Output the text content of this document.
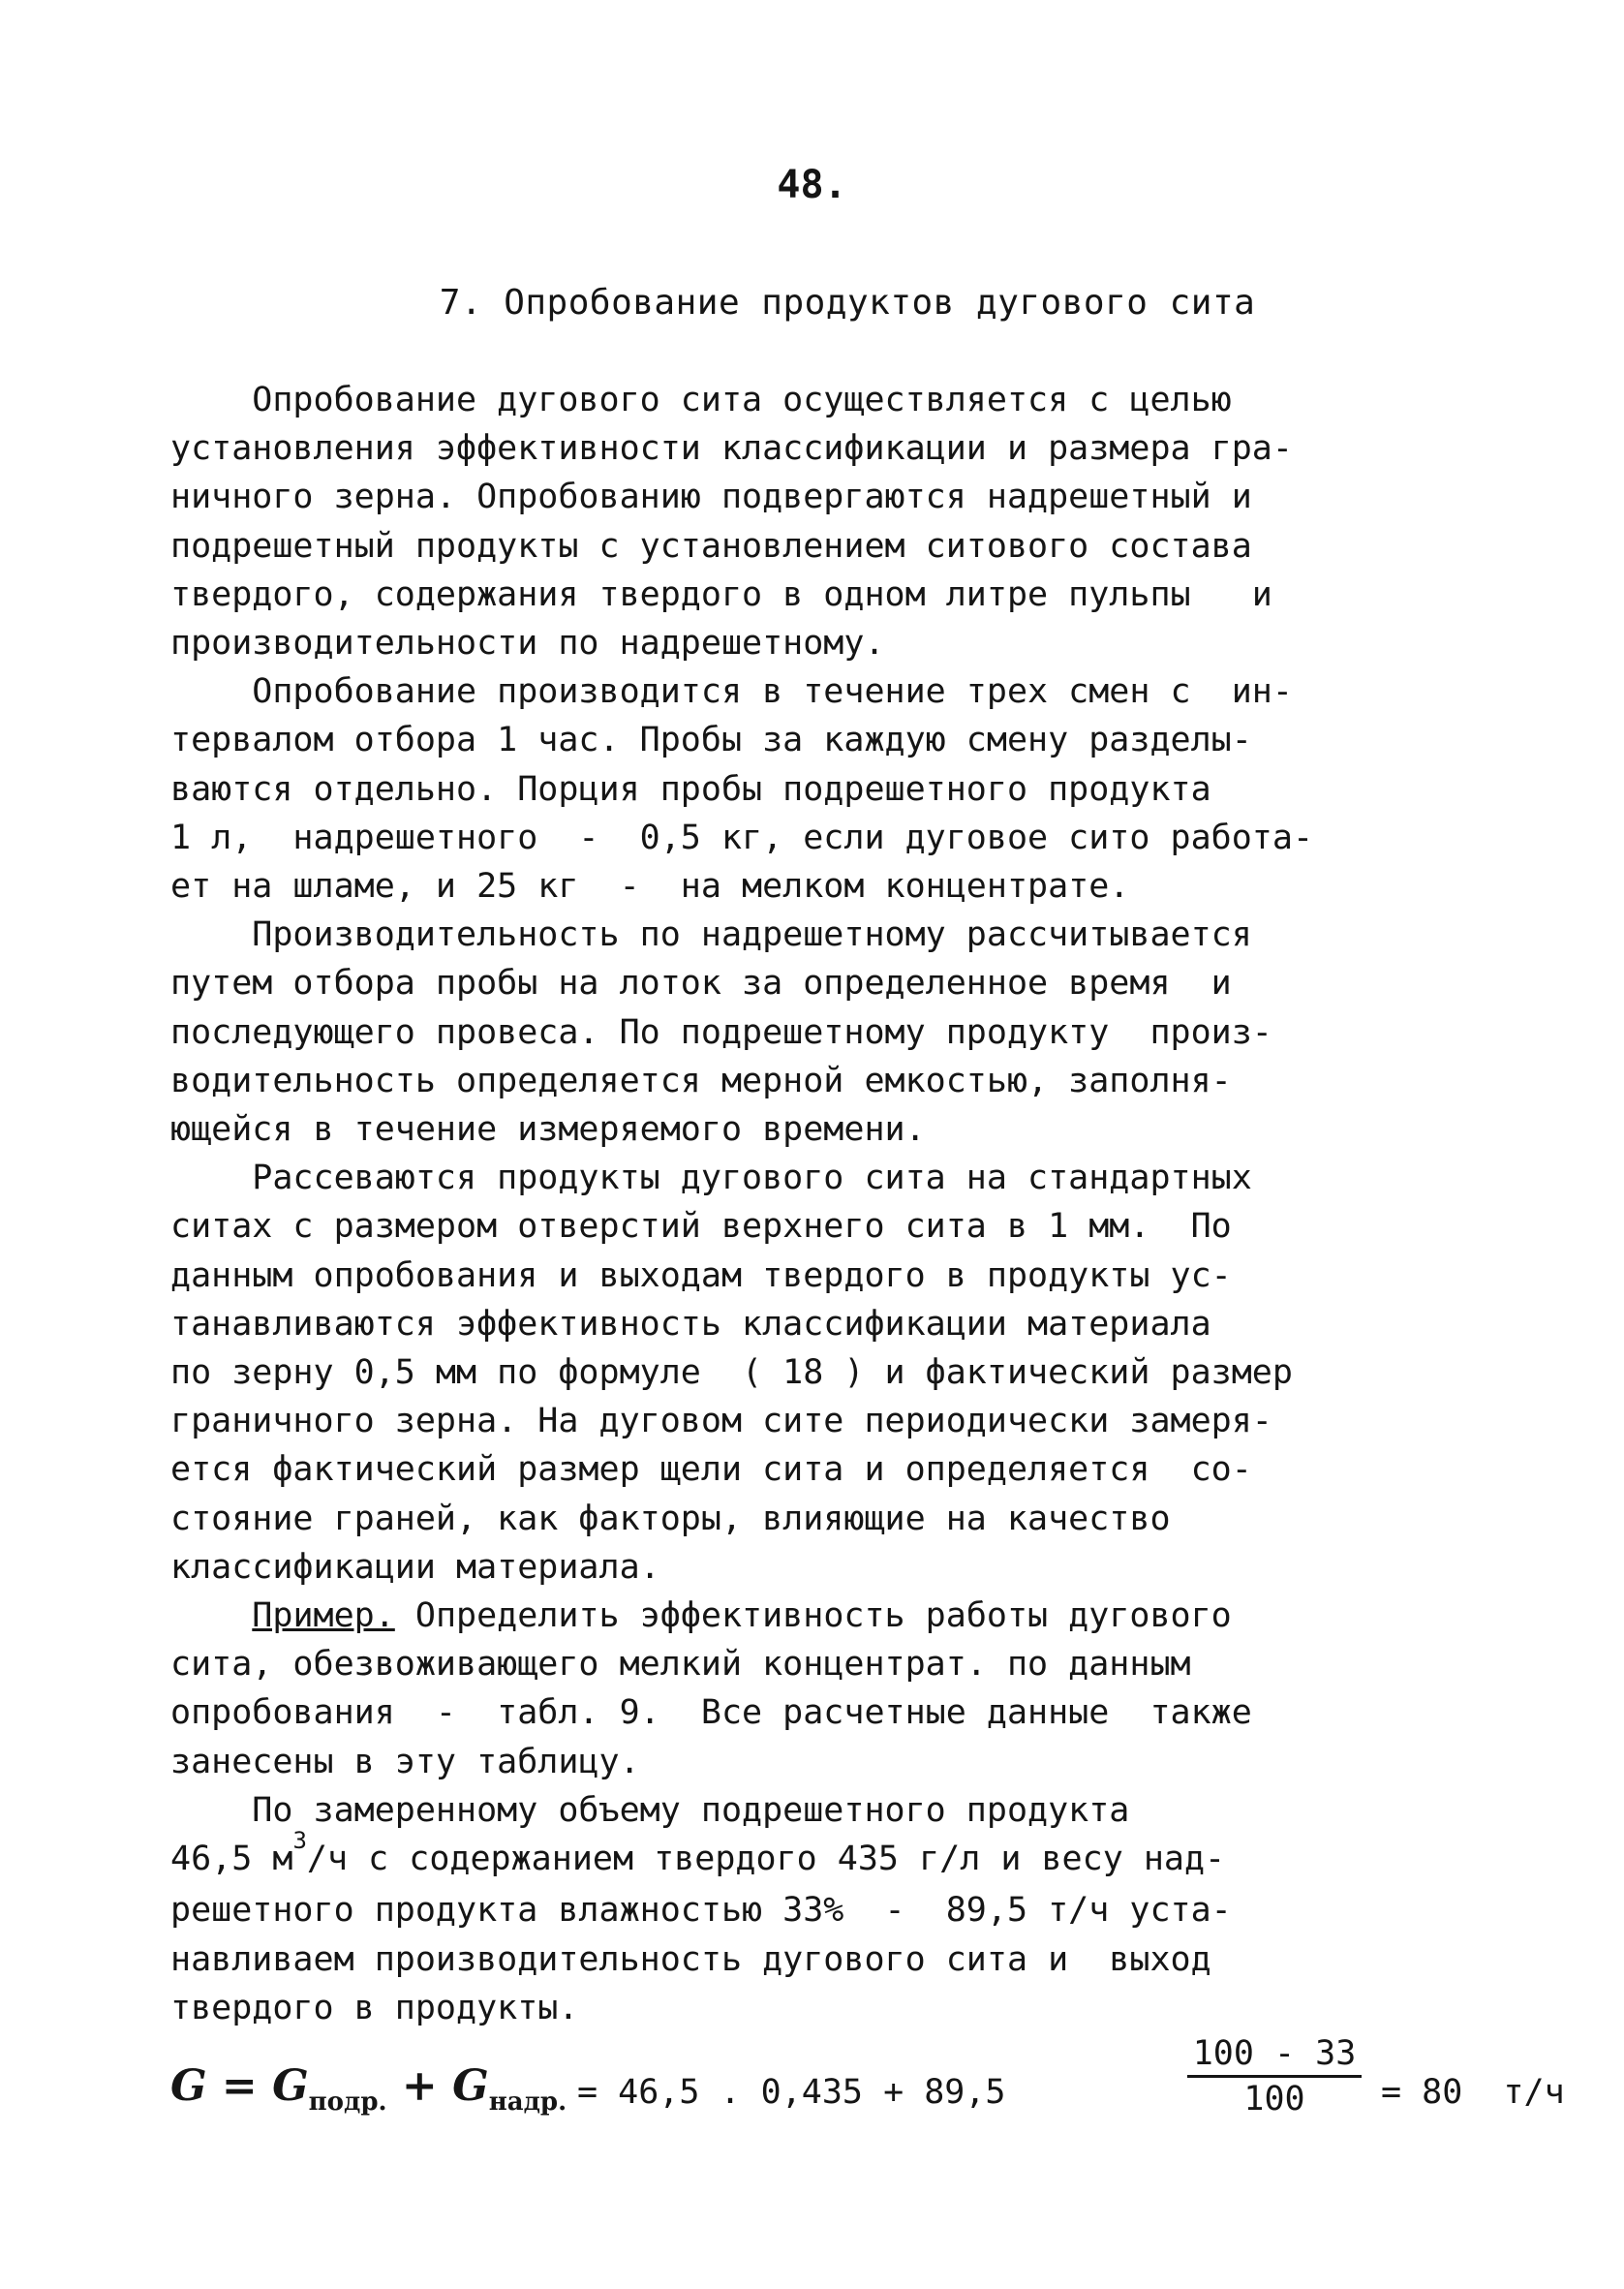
48.
7. Опробование продуктов дугового сита
Опробование дугового сита осуществляется с целью
установления эффективности классификации и размера гра-
ничного зерна. Опробованию подвергаются надрешетный и
подрешетный продукты с установлением ситового состава
твердого, содержания твердого в одном литре пульпы   и
производительности по надрешетному.
Опробование производится в течение трех смен с  ин-
тервалом отбора 1 час. Пробы за каждую смену разделы-
ваются отдельно. Порция пробы подрешетного продукта
1 л,  надрешетного  -  0,5 кг, если дуговое сито работа-
ет на шламе, и 25 кг  -  на мелком концентрате.
Производительность по надрешетному рассчитывается
путем отбора пробы на лоток за определенное время  и
последующего провеса. По подрешетному продукту  произ-
водительность определяется мерной емкостью, заполня-
ющейся в течение измеряемого времени.
Рассеваются продукты дугового сита на стандартных
ситах с размером отверстий верхнего сита в 1 мм.  По
данным опробования и выходам твердого в продукты ус-
танавливаются эффективность классификации материала
по зерну 0,5 мм по формуле  ( 18 ) и фактический размер
граничного зерна. На дуговом сите периодически замеря-
ется фактический размер щели сита и определяется  со-
стояние граней, как факторы, влияющие на качество
классификации материала.
Пример. Определить эффективность работы дугового
сита, обезвоживающего мелкий концентрат. по данным
опробования  -  табл. 9.  Все расчетные данные  также
занесены в эту таблицу.
По замеренному объему подрешетного продукта
46,5 $м^3/ч$ с содержанием твердого 435 г/л и весу над-
решетного продукта влажностью 33%  -  89,5 т/ч уста-
навливаем производительность дугового сита и  выход
твердого в продукты.
$G = G_{подр.} + G_{надр.} = 46,5$ . 0,435 + 89,5	$\frac{100 - 33}{100} = 80$  т/ч
